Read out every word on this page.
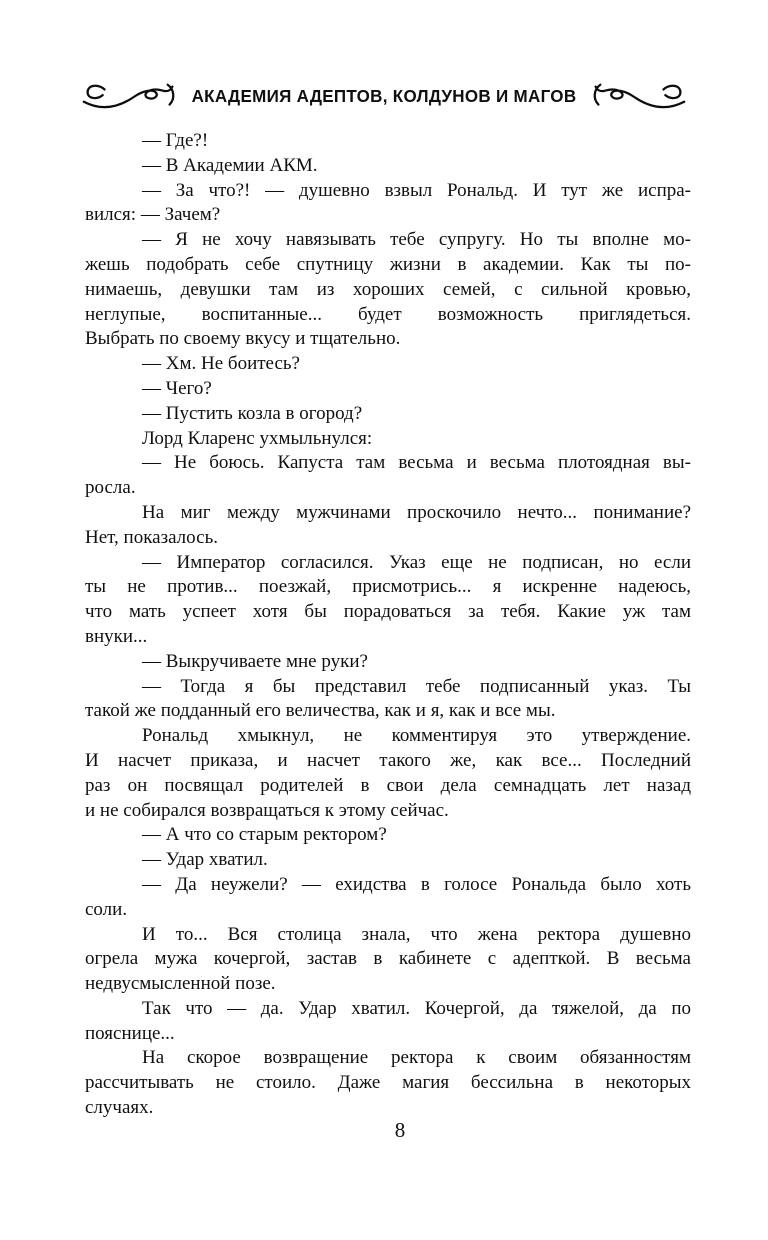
АКАДЕМИЯ АДЕПТОВ, КОЛДУНОВ И МАГОВ
— Где?!
— В Академии АКМ.
— За что?! — душевно взвыл Рональд. И тут же испра-
вился: — Зачем?
— Я не хочу навязывать тебе супругу. Но ты вполне мо-
жешь подобрать себе спутницу жизни в академии. Как ты по-
нимаешь, девушки там из хороших семей, с сильной кровью,
неглупые, воспитанные... будет возможность приглядеться.
Выбрать по своему вкусу и тщательно.
— Хм. Не боитесь?
— Чего?
— Пустить козла в огород?
Лорд Кларенс ухмыльнулся:
— Не боюсь. Капуста там весьма и весьма плотоядная вы-
росла.
На миг между мужчинами проскочило нечто... понимание?
Нет, показалось.
— Император согласился. Указ еще не подписан, но если
ты не против... поезжай, присмотрись... я искренне надеюсь,
что мать успеет хотя бы порадоваться за тебя. Какие уж там
внуки...
— Выкручиваете мне руки?
— Тогда я бы представил тебе подписанный указ. Ты
такой же подданный его величества, как и я, как и все мы.
Рональд хмыкнул, не комментируя это утверждение.
И насчет приказа, и насчет такого же, как все... Последний
раз он посвящал родителей в свои дела семнадцать лет назад
и не собирался возвращаться к этому сейчас.
— А что со старым ректором?
— Удар хватил.
— Да неужели? — ехидства в голосе Рональда было хоть
соли.
И то... Вся столица знала, что жена ректора душевно
огрела мужа кочергой, застав в кабинете с адепткой. В весьма
недвусмысленной позе.
Так что — да. Удар хватил. Кочергой, да тяжелой, да по
пояснице...
На скорое возвращение ректора к своим обязанностям
рассчитывать не стоило. Даже магия бессильна в некоторых
случаях.
8
